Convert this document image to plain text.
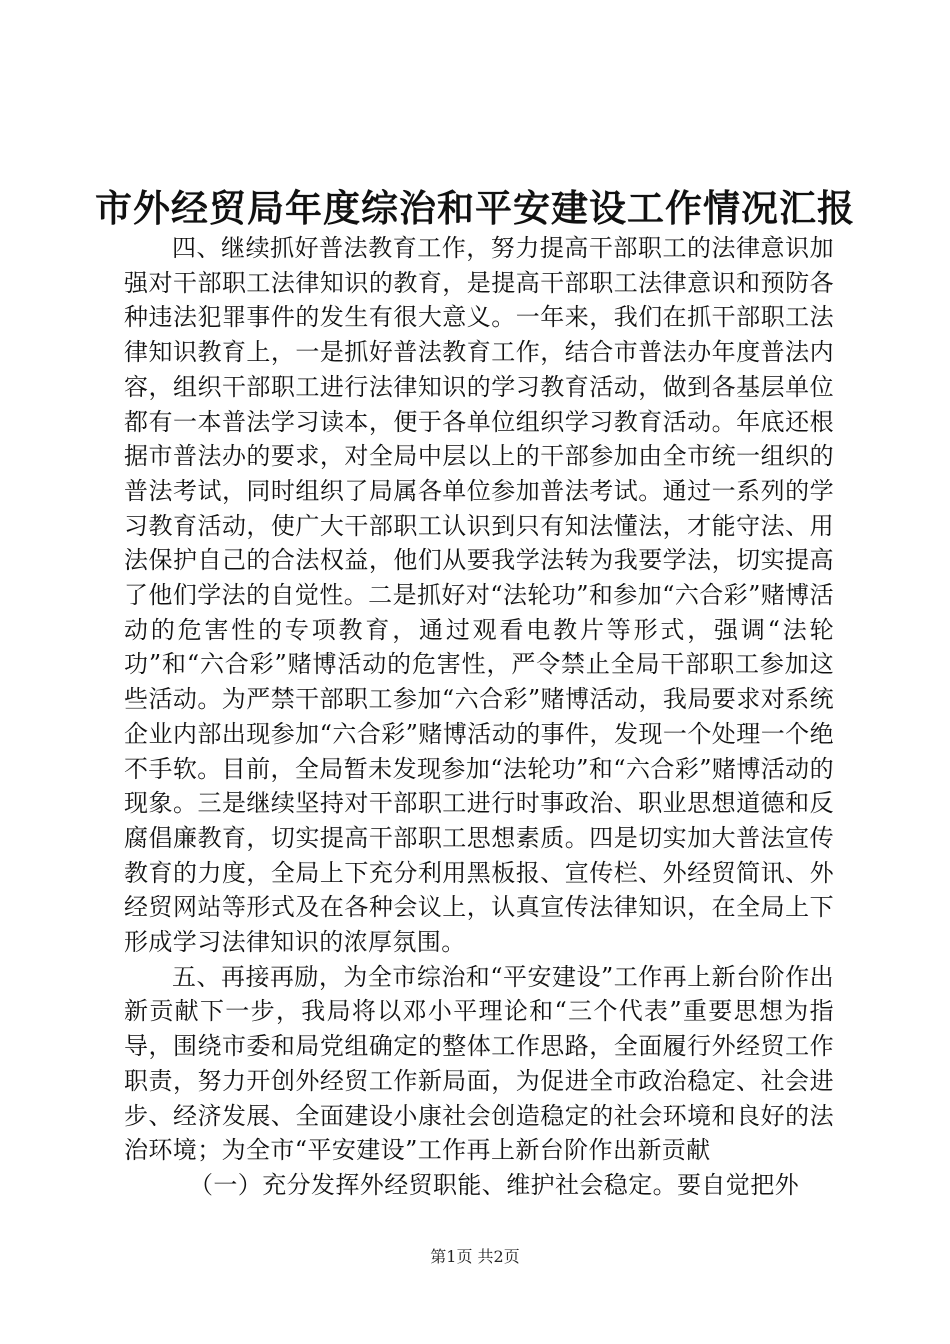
市外经贸局年度综治和平安建设工作情况汇报

四、继续抓好普法教育工作，努力提高干部职工的法律意识加强对干部职工法律知识的教育，是提高干部职工法律意识和预防各种违法犯罪事件的发生有很大意义。一年来，我们在抓干部职工法律知识教育上，一是抓好普法教育工作，结合市普法办年度普法内容，组织干部职工进行法律知识的学习教育活动，做到各基层单位都有一本普法学习读本，便于各单位组织学习教育活动。年底还根据市普法办的要求，对全局中层以上的干部参加由全市统一组织的普法考试，同时组织了局属各单位参加普法考试。通过一系列的学习教育活动，使广大干部职工认识到只有知法懂法，才能守法、用法保护自己的合法权益，他们从要我学法转为我要学法，切实提高了他们学法的自觉性。二是抓好对“法轮功”和参加“六合彩”赌博活动的危害性的专项教育，通过观看电教片等形式，强调“法轮功”和“六合彩”赌博活动的危害性，严令禁止全局干部职工参加这些活动。为严禁干部职工参加“六合彩”赌博活动，我局要求对系统企业内部出现参加“六合彩”赌博活动的事件，发现一个处理一个绝不手软。目前，全局暂未发现参加“法轮功”和“六合彩”赌博活动的现象。三是继续坚持对干部职工进行时事政治、职业思想道德和反腐倡廉教育，切实提高干部职工思想素质。四是切实加大普法宣传教育的力度，全局上下充分利用黑板报、宣传栏、外经贸简讯、外经贸网站等形式及在各种会议上，认真宣传法律知识，在全局上下形成学习法律知识的浓厚氛围。

五、再接再励，为全市综治和“平安建设”工作再上新台阶作出新贡献下一步，我局将以邓小平理论和“三个代表”重要思想为指导，围绕市委和局党组确定的整体工作思路，全面履行外经贸工作职责，努力开创外经贸工作新局面，为促进全市政治稳定、社会进步、经济发展、全面建设小康社会创造稳定的社会环境和良好的法治环境；为全市“平安建设”工作再上新台阶作出新贡献

（一）充分发挥外经贸职能、维护社会稳定。要自觉把外

第1页 共2页
